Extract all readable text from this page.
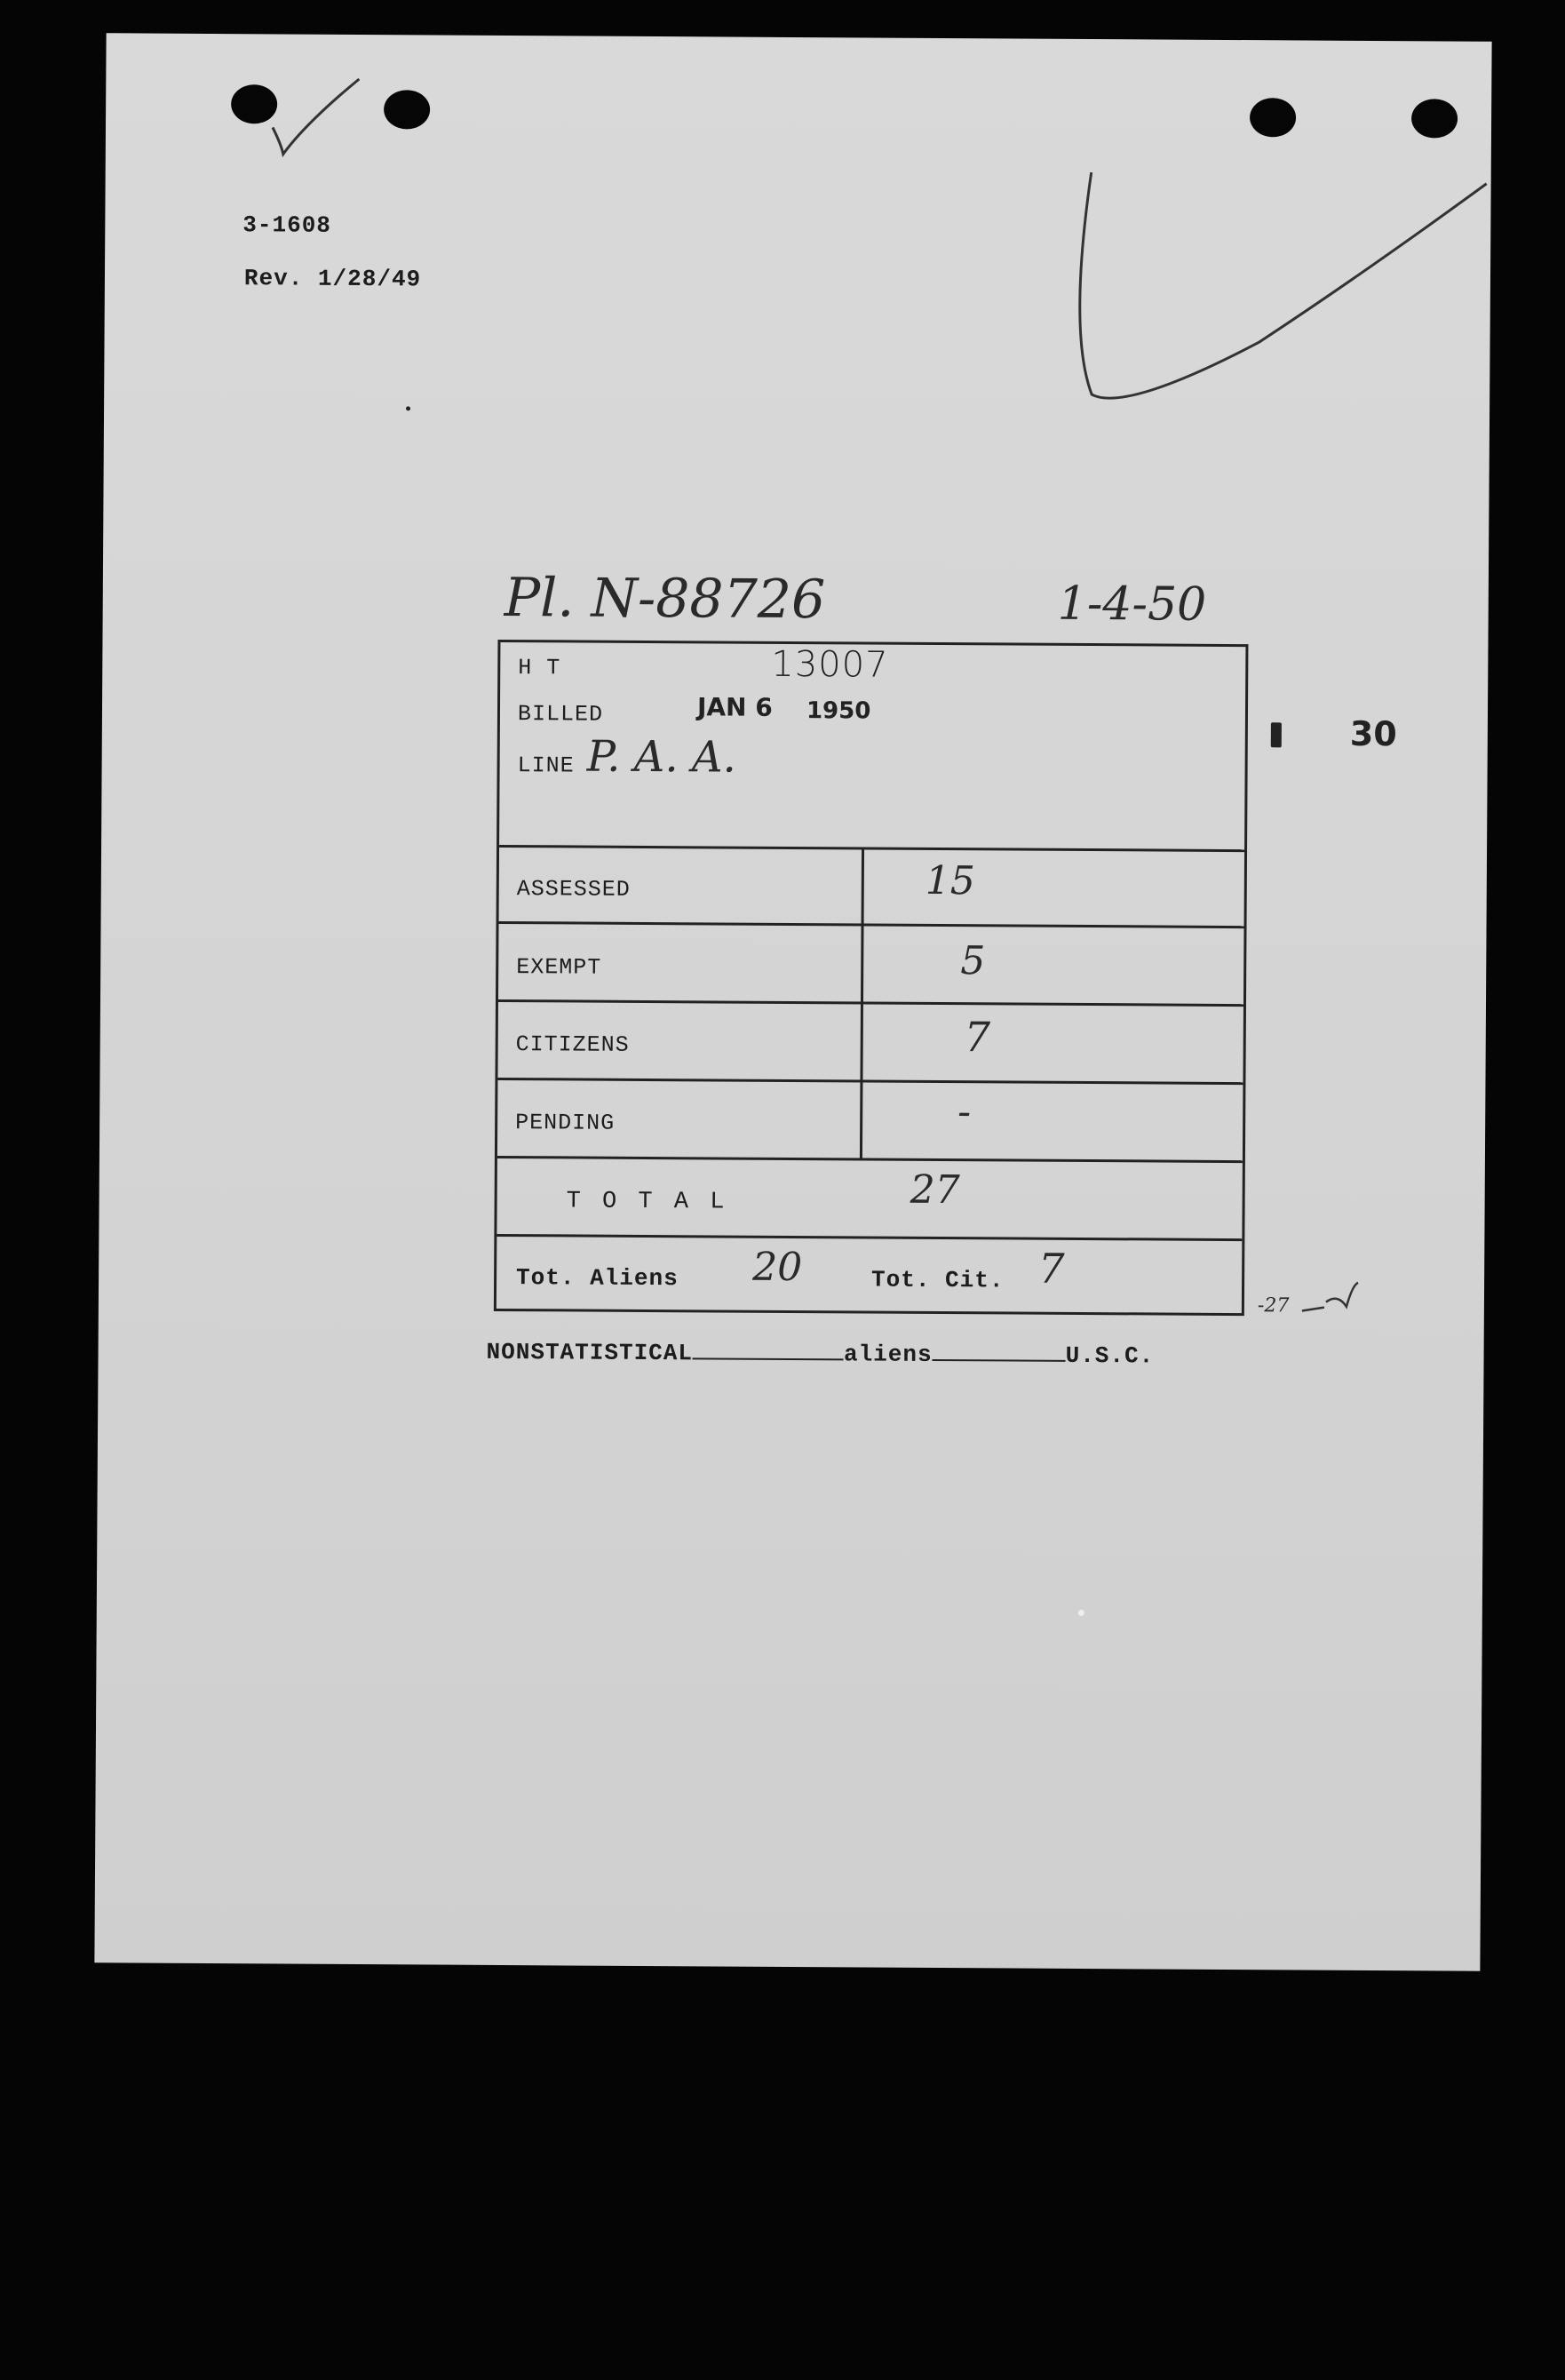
3-1608
Rev. 1/28/49
Pl. N-88726	1-4-50
30
H T	13007
BILLED	JAN 6 1950
LINE P. A. A.
ASSESSED	15
EXEMPT	5
CITIZENS	7
PENDING	-
T O T A L	27
Tot. Aliens 20	Tot. Cit. 7
-27
NONSTATISTICAL	aliens	U.S.C.
